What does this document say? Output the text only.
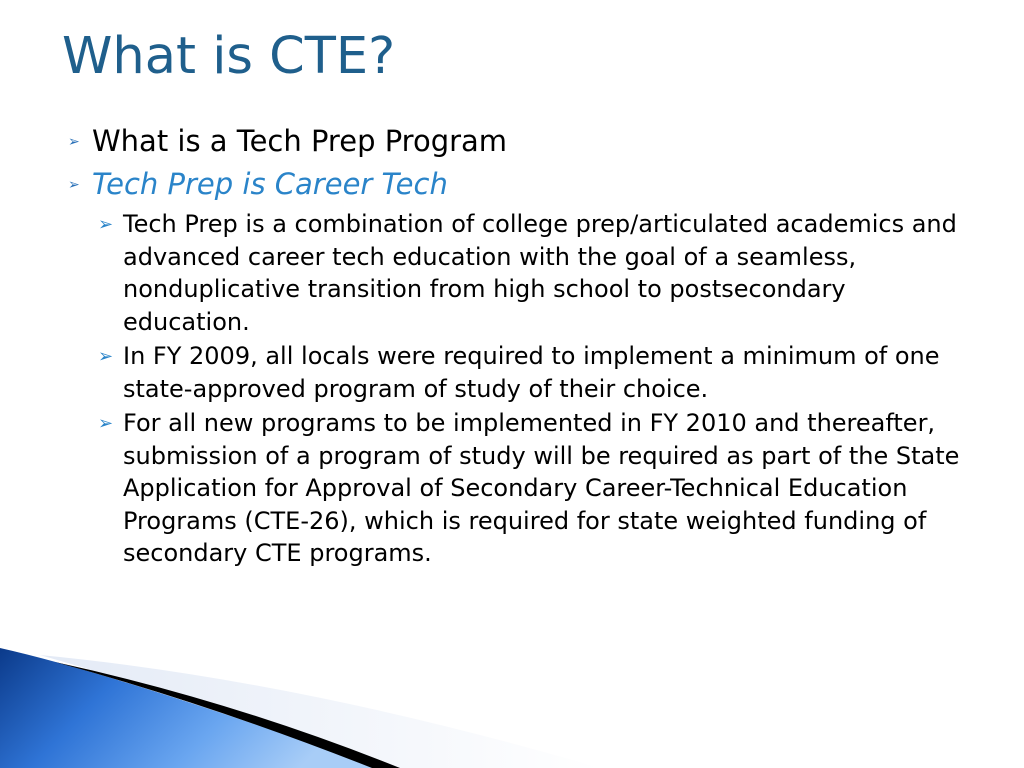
What is CTE?
➢ What is a Tech Prep Program
➢ Tech Prep is Career Tech
➢ Tech Prep is a combination of college prep/articulated academics and advanced career tech education with the goal of a seamless, nonduplicative transition from high school to postsecondary education.
➢ In FY 2009, all locals were required to implement a minimum of one state-approved program of study of their choice.
➢ For all new programs to be implemented in FY 2010 and thereafter, submission of a program of study will be required as part of the State Application for Approval of Secondary Career-Technical Education Programs (CTE-26), which is required for state weighted funding of secondary CTE programs.
